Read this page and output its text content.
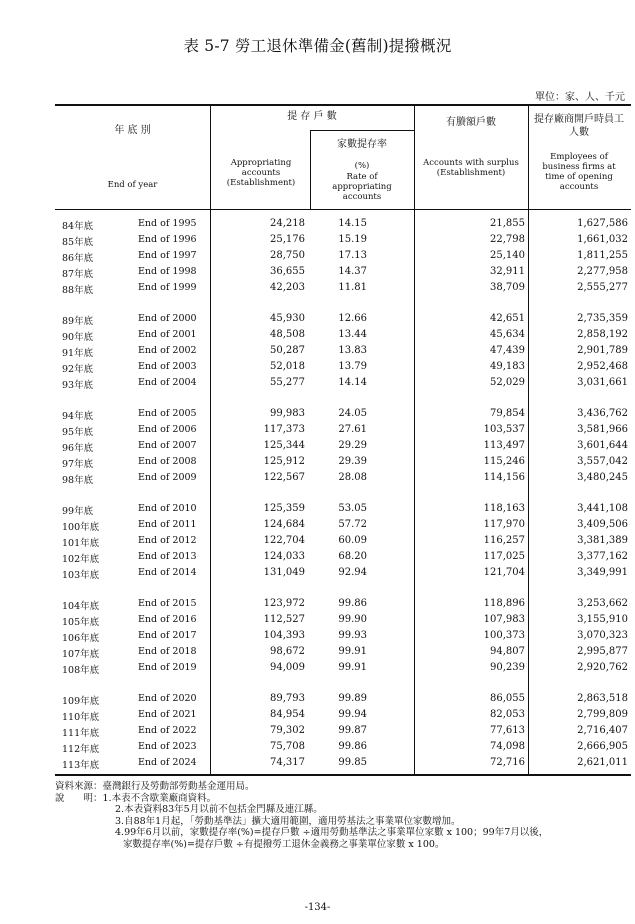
表 5-7 勞工退休準備金(舊制)提撥概況
單位：家、人、千元
年 底 別
End of year
提 存 戶 數
Appropriating accounts (Establishment)
家數提存率
(%)
Rate of appropriating accounts
有賸額戶數
Accounts with surplus (Establishment)
提存廠商開戶時員工人數
Employees of business firms at time of opening accounts
84年底	End of 1995	24,218	14.15	21,855	1,627,586
85年底	End of 1996	25,176	15.19	22,798	1,661,032
86年底	End of 1997	28,750	17.13	25,140	1,811,255
87年底	End of 1998	36,655	14.37	32,911	2,277,958
88年底	End of 1999	42,203	11.81	38,709	2,555,277
89年底	End of 2000	45,930	12.66	42,651	2,735,359
90年底	End of 2001	48,508	13.44	45,634	2,858,192
91年底	End of 2002	50,287	13.83	47,439	2,901,789
92年底	End of 2003	52,018	13.79	49,183	2,952,468
93年底	End of 2004	55,277	14.14	52,029	3,031,661
94年底	End of 2005	99,983	24.05	79,854	3,436,762
95年底	End of 2006	117,373	27.61	103,537	3,581,966
96年底	End of 2007	125,344	29.29	113,497	3,601,644
97年底	End of 2008	125,912	29.39	115,246	3,557,042
98年底	End of 2009	122,567	28.08	114,156	3,480,245
99年底	End of 2010	125,359	53.05	118,163	3,441,108
100年底	End of 2011	124,684	57.72	117,970	3,409,506
101年底	End of 2012	122,704	60.09	116,257	3,381,389
102年底	End of 2013	124,033	68.20	117,025	3,377,162
103年底	End of 2014	131,049	92.94	121,704	3,349,991
104年底	End of 2015	123,972	99.86	118,896	3,253,662
105年底	End of 2016	112,527	99.90	107,983	3,155,910
106年底	End of 2017	104,393	99.93	100,373	3,070,323
107年底	End of 2018	98,672	99.91	94,807	2,995,877
108年底	End of 2019	94,009	99.91	90,239	2,920,762
109年底	End of 2020	89,793	99.89	86,055	2,863,518
110年底	End of 2021	84,954	99.94	82,053	2,799,809
111年底	End of 2022	79,302	99.87	77,613	2,716,407
112年底	End of 2023	75,708	99.86	74,098	2,666,905
113年底	End of 2024	74,317	99.85	72,716	2,621,011
資料來源：臺灣銀行及勞動部勞動基金運用局。
說　　明：1.本表不含歇業廠商資料。
2.本表資料83年5月以前不包括金門縣及連江縣。
3.自88年1月起，「勞動基準法」擴大適用範圍，適用勞基法之事業單位家數增加。
4.99年6月以前，家數提存率(%)=提存戶數 ÷適用勞動基準法之事業單位家數 x 100；99年7月以後，
家數提存率(%)=提存戶數 ÷有提撥勞工退休金義務之事業單位家數 x 100。
-134-
